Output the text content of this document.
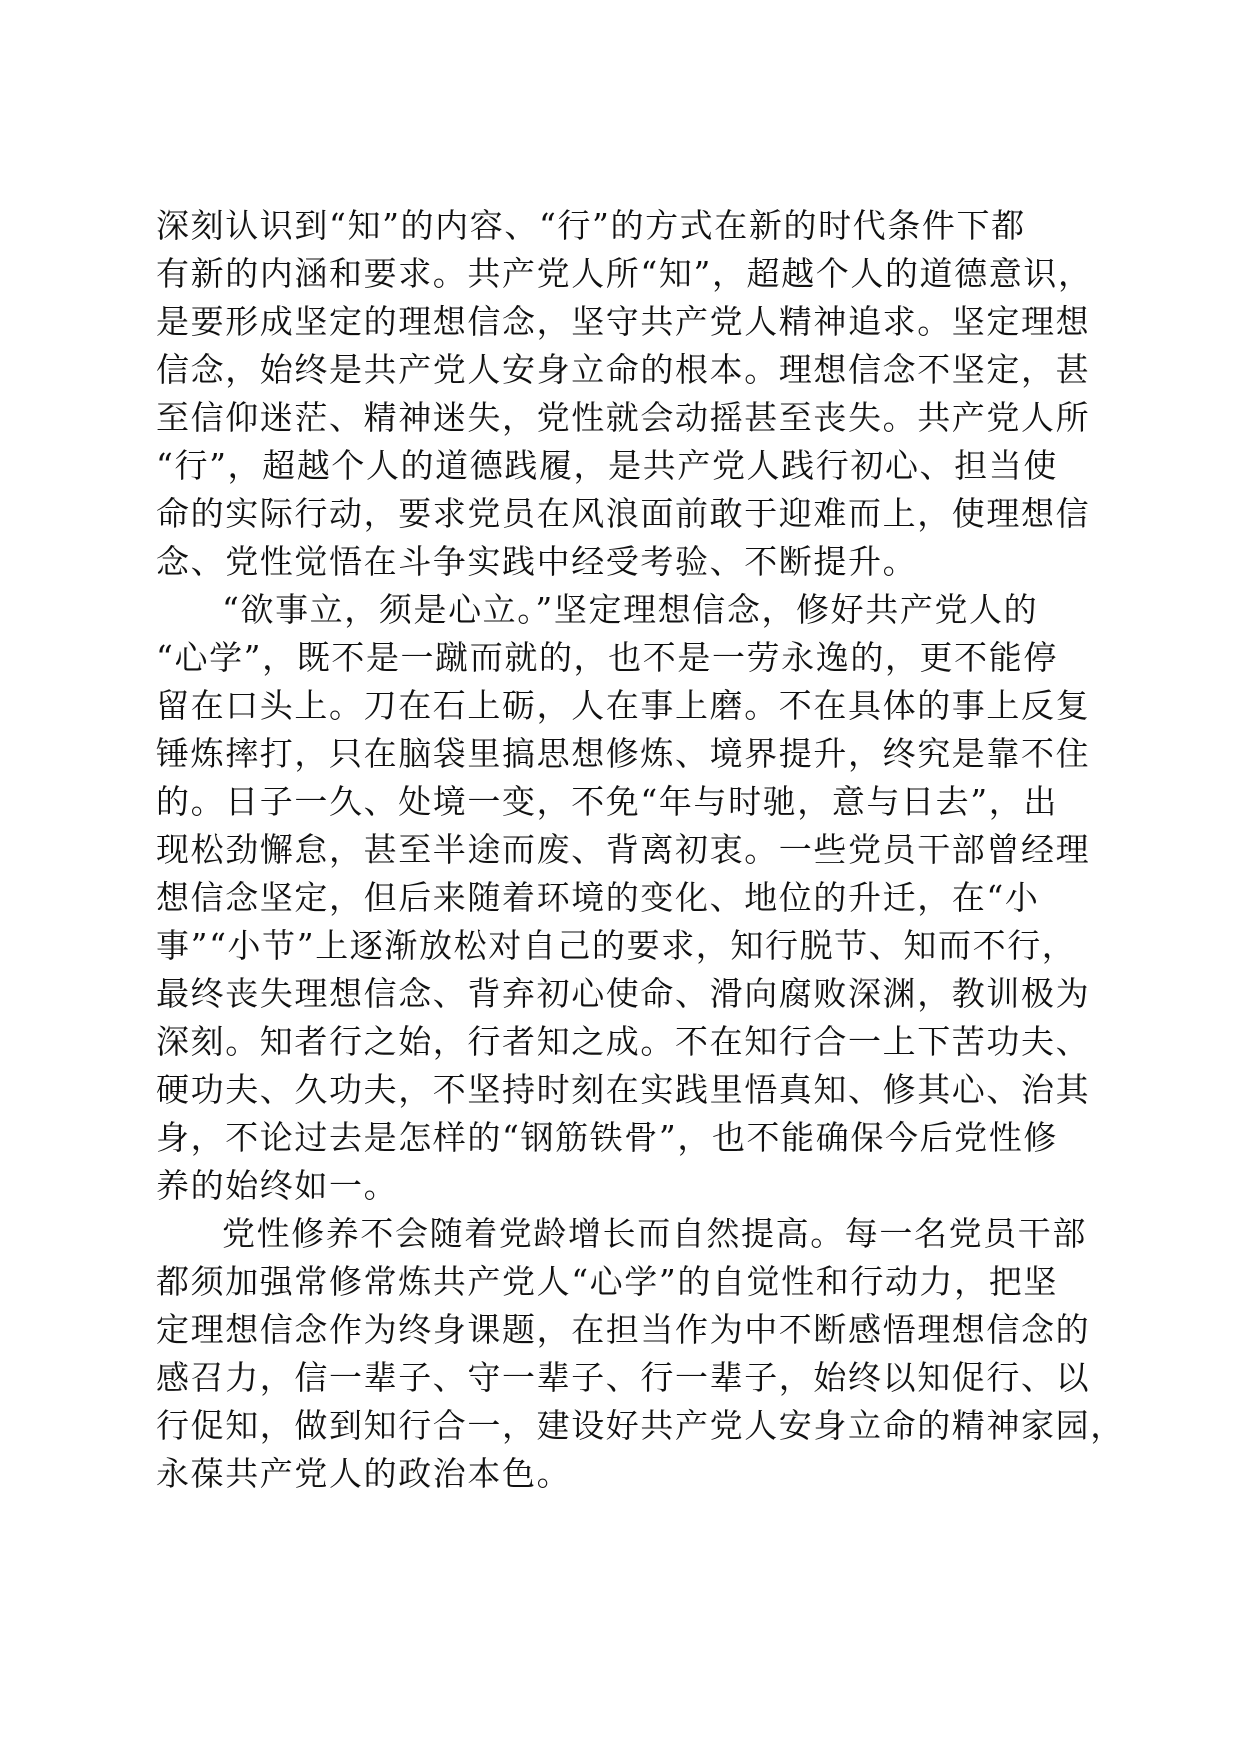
深刻认识到“知”的内容、“行”的方式在新的时代条件下都
有新的内涵和要求。共产党人所“知”，超越个人的道德意识，
是要形成坚定的理想信念，坚守共产党人精神追求。坚定理想
信念，始终是共产党人安身立命的根本。理想信念不坚定，甚
至信仰迷茫、精神迷失，党性就会动摇甚至丧失。共产党人所
“行”，超越个人的道德践履，是共产党人践行初心、担当使
命的实际行动，要求党员在风浪面前敢于迎难而上，使理想信
念、党性觉悟在斗争实践中经受考验、不断提升。
“欲事立，须是心立。”坚定理想信念，修好共产党人的
“心学”，既不是一蹴而就的，也不是一劳永逸的，更不能停
留在口头上。刀在石上砺，人在事上磨。不在具体的事上反复
锤炼摔打，只在脑袋里搞思想修炼、境界提升，终究是靠不住
的。日子一久、处境一变，不免“年与时驰，意与日去”，出
现松劲懈怠，甚至半途而废、背离初衷。一些党员干部曾经理
想信念坚定，但后来随着环境的变化、地位的升迁，在“小
事”“小节”上逐渐放松对自己的要求，知行脱节、知而不行，
最终丧失理想信念、背弃初心使命、滑向腐败深渊，教训极为
深刻。知者行之始，行者知之成。不在知行合一上下苦功夫、
硬功夫、久功夫，不坚持时刻在实践里悟真知、修其心、治其
身，不论过去是怎样的“钢筋铁骨”，也不能确保今后党性修
养的始终如一。
党性修养不会随着党龄增长而自然提高。每一名党员干部
都须加强常修常炼共产党人“心学”的自觉性和行动力，把坚
定理想信念作为终身课题，在担当作为中不断感悟理想信念的
感召力，信一辈子、守一辈子、行一辈子，始终以知促行、以
行促知，做到知行合一，建设好共产党人安身立命的精神家园，
永葆共产党人的政治本色。
